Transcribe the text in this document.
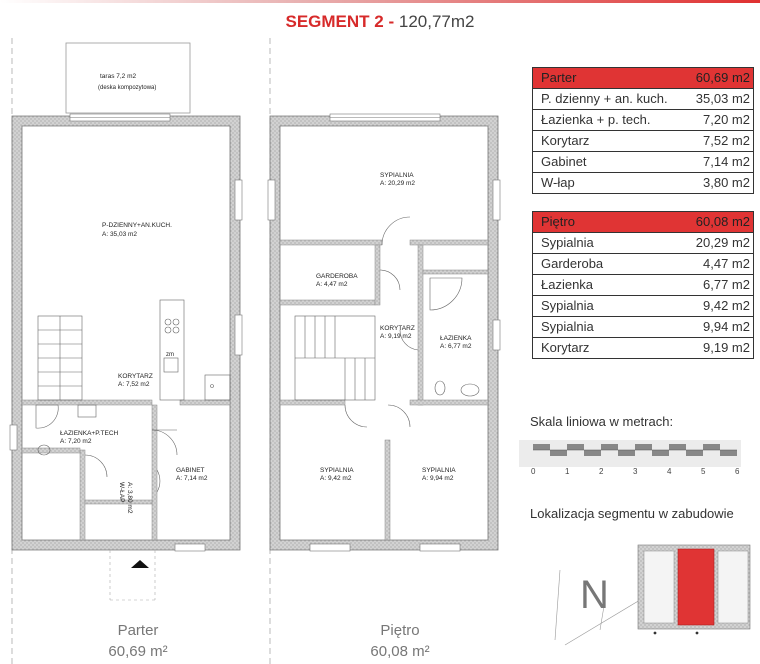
SEGMENT 2 - 120,77m2
taras 7,2 m2
(deska kompozytowa)
zm
P-DZIENNY+AN.KUCH.
A: 35,03 m2
KORYTARZ
A: 7,52 m2
ŁAZIENKA+P.TECH
A: 7,20 m2
GABINET
A: 7,14 m2
W-ŁAP A: 3,80 m2
SYPIALNIA
A: 20,29 m2
GARDEROBA
A: 4,47 m2
KORYTARZ
A: 9,19 m2	ŁAZIENKA
A: 6,77 m2
SYPIALNIA
A: 9,42 m2
SYPIALNIA
A: 9,94 m2
0	1	2	3	4	5	6
N
Parter	60,69 m2
P. dzienny + an. kuch.	35,03 m2
Łazienka + p. tech.	7,20 m2
Korytarz	7,52 m2
Gabinet	7,14 m2
W-łap	3,80 m2
Piętro	60,08 m2
Sypialnia	20,29 m2
Garderoba	4,47 m2
Łazienka	6,77 m2
Sypialnia	9,42 m2
Sypialnia	9,94 m2
Korytarz	9,19 m2
Skala liniowa w metrach:
Lokalizacja segmentu w zabudowie
Parter
60,69 m²
Piętro
60,08 m²
